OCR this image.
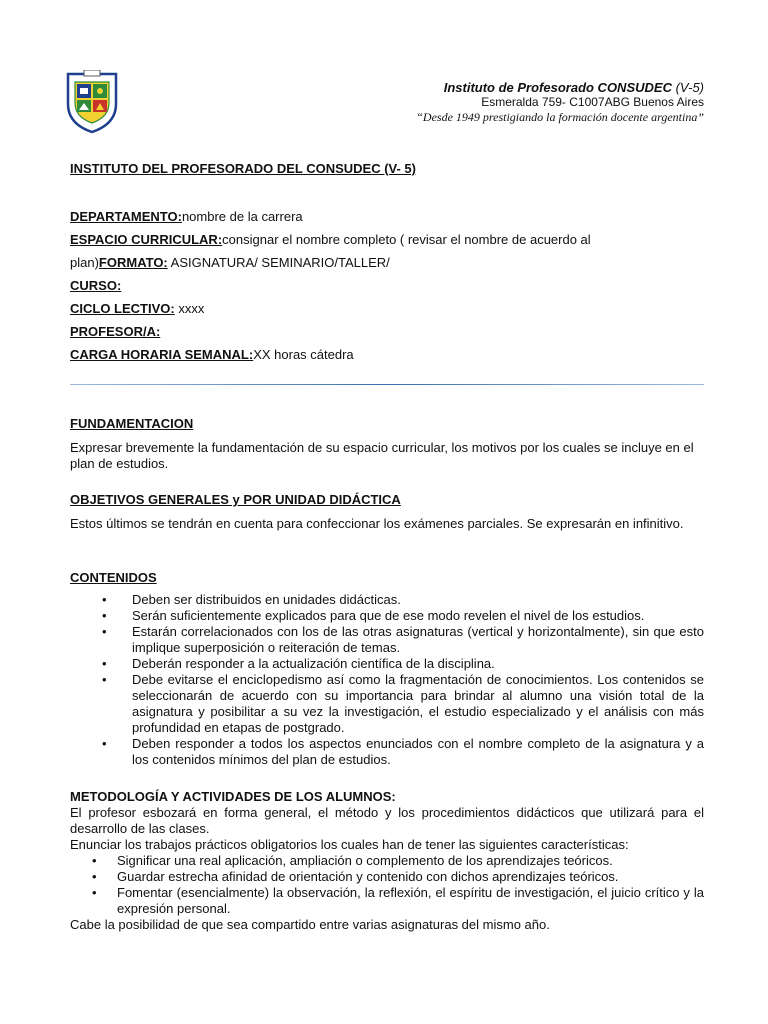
Instituto de Profesorado CONSUDEC (V-5)
Esmeralda 759- C1007ABG Buenos Aires
“Desde 1949 prestigiando la formación docente argentina”
INSTITUTO DEL PROFESORADO DEL CONSUDEC (V- 5)
DEPARTAMENTO:nombre de la carrera
ESPACIO CURRICULAR:consignar el nombre completo ( revisar el nombre de acuerdo al
plan)FORMATO: ASIGNATURA/ SEMINARIO/TALLER/
CURSO:
CICLO LECTIVO: xxxx
PROFESOR/A:
CARGA HORARIA SEMANAL:XX horas cátedra

FUNDAMENTACION

Expresar brevemente la fundamentación de su espacio curricular, los motivos por los cuales se incluye en el plan de estudios.

OBJETIVOS GENERALES y POR UNIDAD DIDÁCTICA

Estos últimos se tendrán en cuenta para confeccionar los exámenes parciales. Se expresarán en infinitivo.

CONTENIDOS

• Deben ser distribuidos en unidades didácticas.
• Serán suficientemente explicados para que de ese modo revelen el nivel de los estudios.
• Estarán correlacionados con los de las otras asignaturas (vertical y horizontalmente), sin que esto implique superposición o reiteración de temas.
• Deberán responder a la actualización científica de la disciplina.
• Debe evitarse el enciclopedismo así como la fragmentación de conocimientos. Los contenidos se seleccionarán de acuerdo con su importancia para brindar al alumno una visión total de la asignatura y posibilitar a su vez la investigación, el estudio especializado y el análisis con más profundidad en etapas de postgrado.
• Deben responder a todos los aspectos enunciados con el nombre completo de la asignatura y a los contenidos mínimos del plan de estudios.

METODOLOGÍA Y ACTIVIDADES DE LOS ALUMNOS:

El profesor esbozará en forma general, el método y los procedimientos didácticos que utilizará para el desarrollo de las clases.

Enunciar los trabajos prácticos obligatorios los cuales han de tener las siguientes características:

• Significar una real aplicación, ampliación o complemento de los aprendizajes teóricos.
• Guardar estrecha afinidad de orientación y contenido con dichos aprendizajes teóricos.
• Fomentar (esencialmente) la observación, la reflexión, el espíritu de investigación, el juicio crítico y la expresión personal.

Cabe la posibilidad de que sea compartido entre varias asignaturas del mismo año.
